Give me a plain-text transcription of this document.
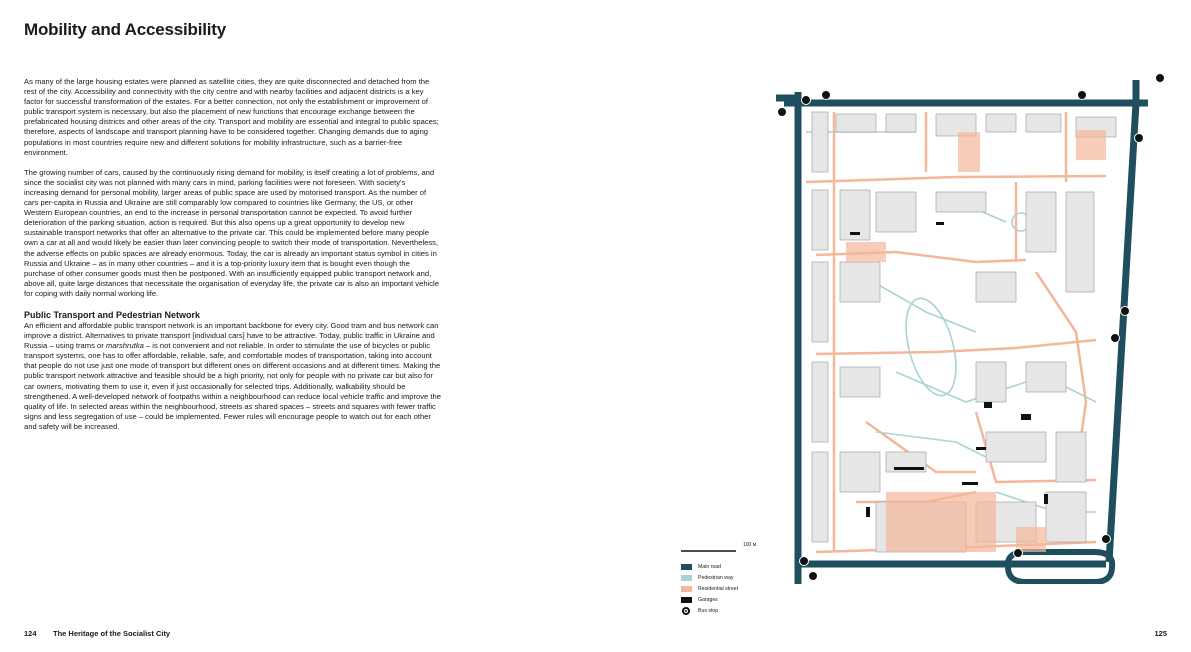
Mobility and Accessibility

As many of the large housing estates were planned as satellite cities, they are quite disconnected and detached from the rest of the city. Accessibility and connectivity with the city centre and with nearby facilities and adjacent districts is a key factor for successful transformation of the estates. For a better connection, not only the establishment or improvement of public transport system is necessary, but also the placement of new functions that encourage exchange between the prefabricated housing districts and other areas of the city. Transport and mobility are essential and integral to public spaces; therefore, aspects of landscape and transport planning have to be considered together. Changing demands due to aging populations in most countries require new and different solutions for mobility infrastructure, such as a barrier-free environment.

The growing number of cars, caused by the continuously rising demand for mobility, is itself creating a lot of problems, and since the socialist city was not planned with many cars in mind, parking facilities were not foreseen. With society's increasing demand for personal mobility, larger areas of public space are used by motorised transport. As the number of cars per-capita in Russia and Ukraine are still comparably low compared to countries like Germany, the US, or other Western European countries, an end to the increase in personal transportation cannot be expected. To avoid further deterioration of the parking situation, action is required. But this also opens up a great opportunity to develop new sustainable transport networks that offer an alternative to the private car. This could be implemented before many people own a car at all and would likely be easier than later convincing people to switch their mode of transportation. Nevertheless, the adverse effects on public spaces are already enormous. Today, the car is already an important status symbol in cities in Russia and Ukraine – as in many other countries – and it is a top-priority luxury item that is bought even though the purchase of other consumer goods must then be postponed. With an insufficiently equipped public transport network and, above all, quite large distances that necessitate the organisation of everyday life, the private car is also an important vehicle for coping with daily normal working life.

Public Transport and Pedestrian Network

An efficient and affordable public transport network is an important backbone for every city. Good tram and bus network can improve a district. Alternatives to private transport [individual cars] have to be attractive. Today, public traffic in Ukraine and Russia – using trams or marshrutka – is not convenient and not reliable. In order to stimulate the use of bicycles or public transport systems, one has to offer affordable, reliable, safe, and comfortable modes of transportation, taking into account that people do not use just one mode of transport but different ones on different occasions and at different times. Making the public transport network attractive and feasible should be a high priority, not only for people with no private car but also for car owners, motivating them to use it, even if just occasionally for selected trips. Additionally, walkability should be strengthened. A well-developed network of footpaths within a neighbourhood can reduce local vehicle traffic and improve the quality of life. In selected areas within the neighbourhood, streets as shared spaces – streets and squares with fewer traffic signs and less segregation of use – could be implemented. Fewer rules will encourage people to watch out for each other and safety will be increased.

100 м
Main road
Pedestrian way
Residential street
Garages
Bus stop
124 The Heritage of the Socialist City	125
